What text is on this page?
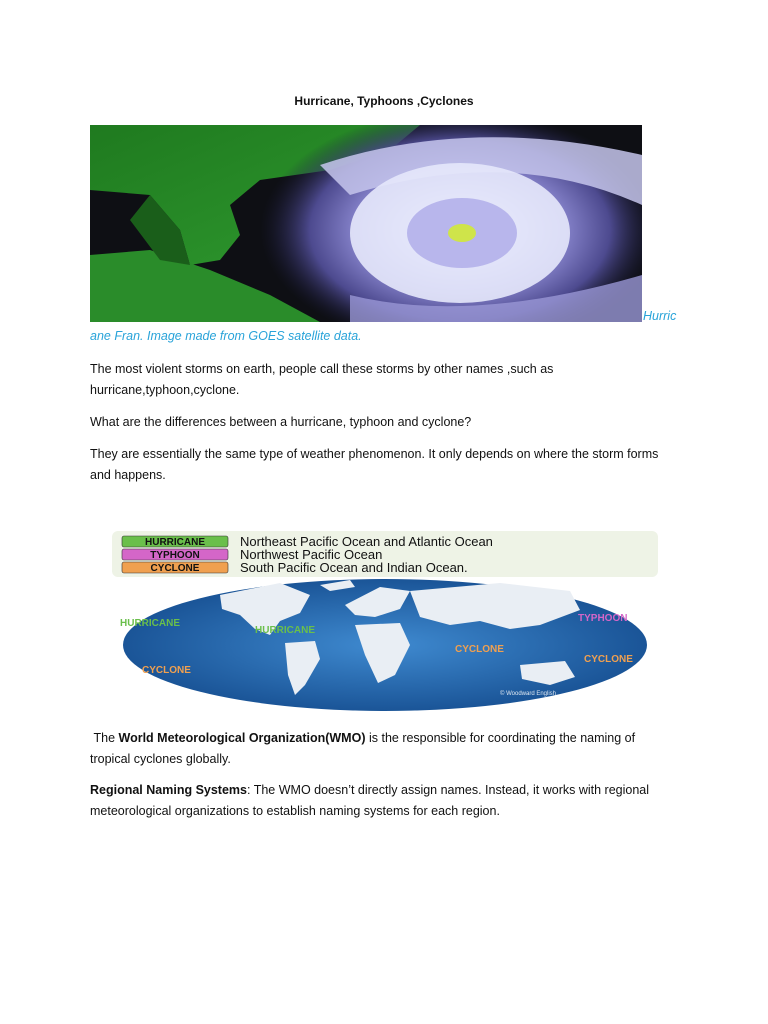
Hurricane, Typhoons ,Cyclones
Hurric
ane Fran. Image made from GOES satellite data.
The most violent storms on earth, people call these storms by other names ,such as
hurricane,typhoon,cyclone.
What are the differences between a hurricane, typhoon and cyclone?
They are essentially the same type of weather phenomenon. It only depends on where the storm forms
and happens.
HURRICANE	Northeast Pacific Ocean and Atlantic Ocean
TYPHOON	Northwest Pacific Ocean
CYCLONE	South Pacific Ocean and Indian Ocean.
HURRICANE
HURRICANE
TYPHOON
CYCLONE
CYCLONE
CYCLONE
© Woodward English
The World Meteorological Organization(WMO) is the responsible for coordinating the naming of
tropical cyclones globally.
Regional Naming Systems: The WMO doesn’t directly assign names. Instead, it works with regional
meteorological organizations to establish naming systems for each region.
